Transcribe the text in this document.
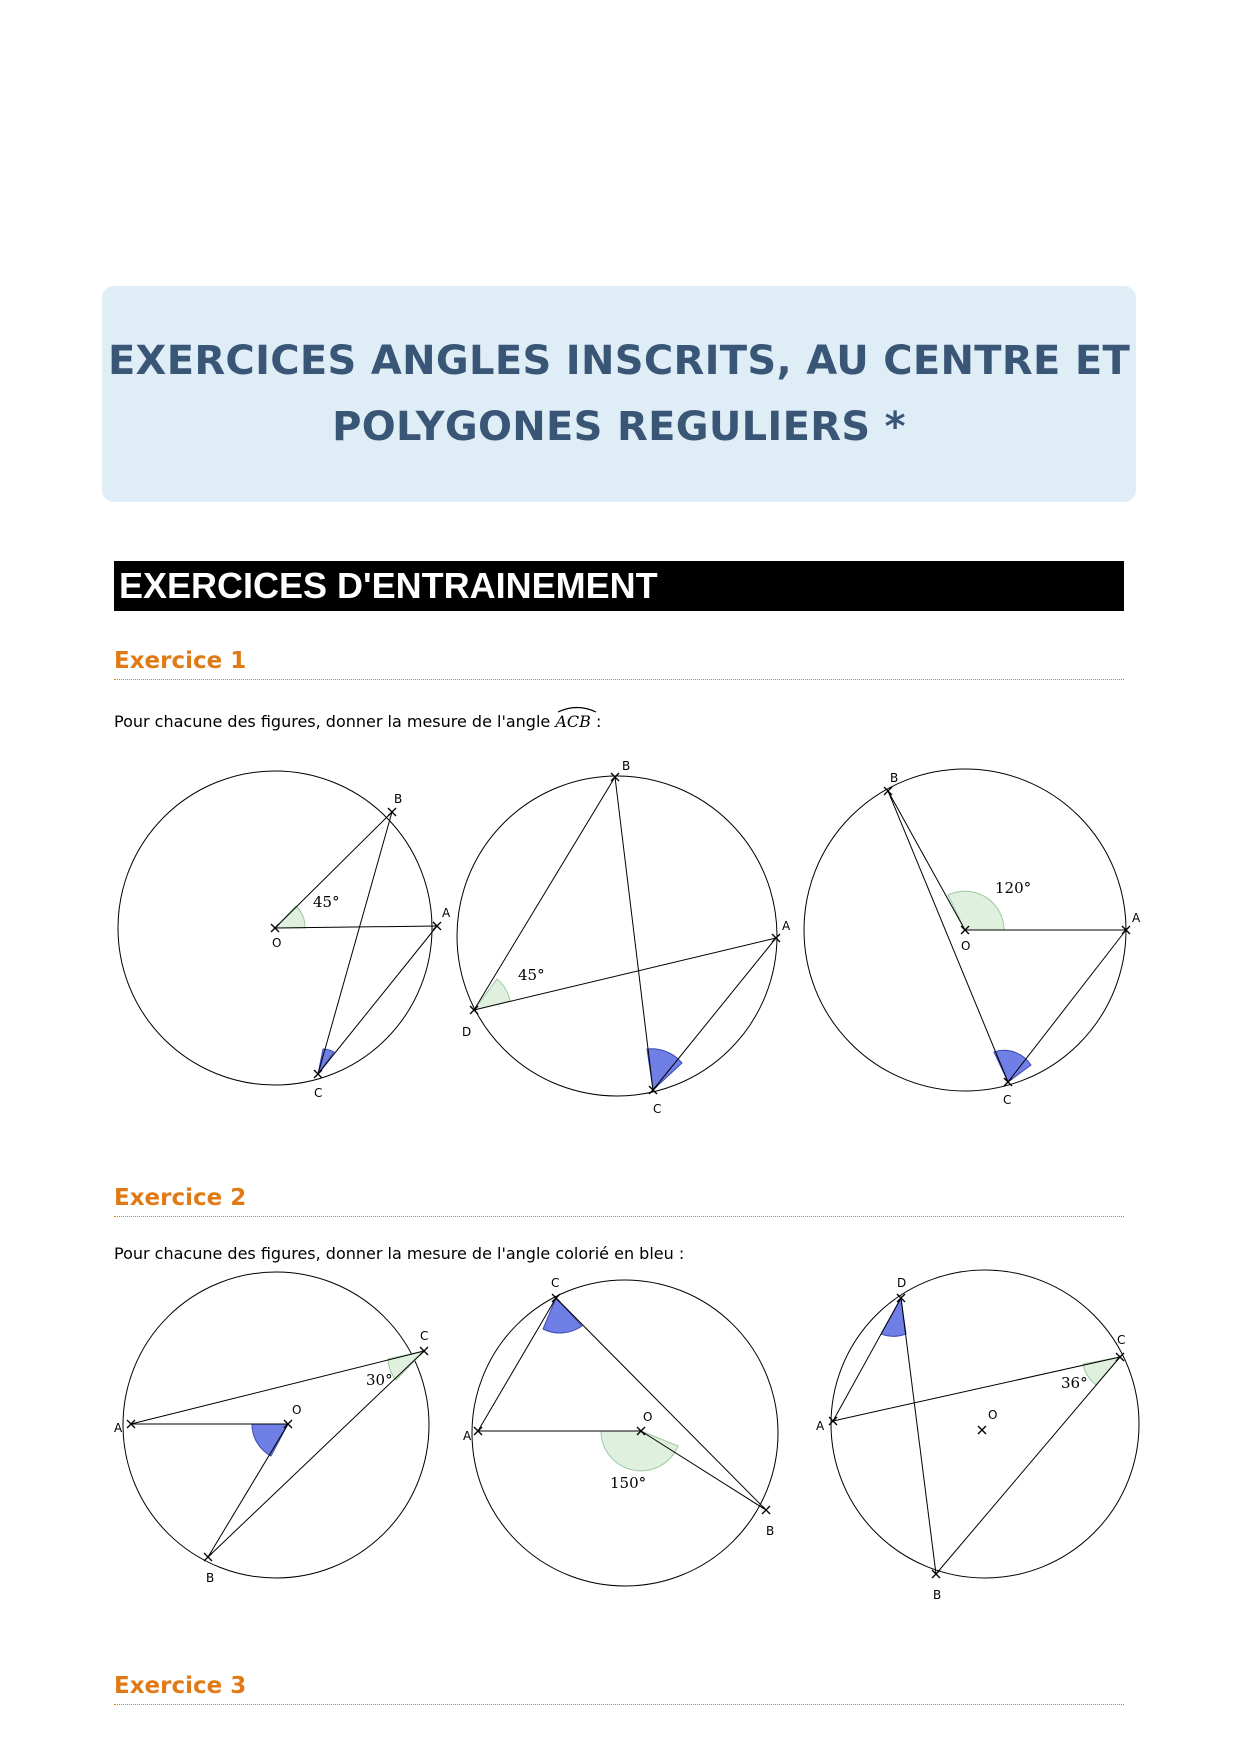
EXERCICES ANGLES INSCRITS, AU CENTRE ET
POLYGONES REGULIERS *
EXERCICES D'ENTRAINEMENT
Exercice 1
Pour chacune des figures, donner la mesure de l'angle ACB :
B
A
O
C
45°
B
A
D
C
45°
B
A
O
C
120°
C
A
O
B
30°
C
A
O
B
150°
D
C
A
O
B
36°
Exercice 2
Pour chacune des figures, donner la mesure de l'angle colorié en bleu :
Exercice 3
